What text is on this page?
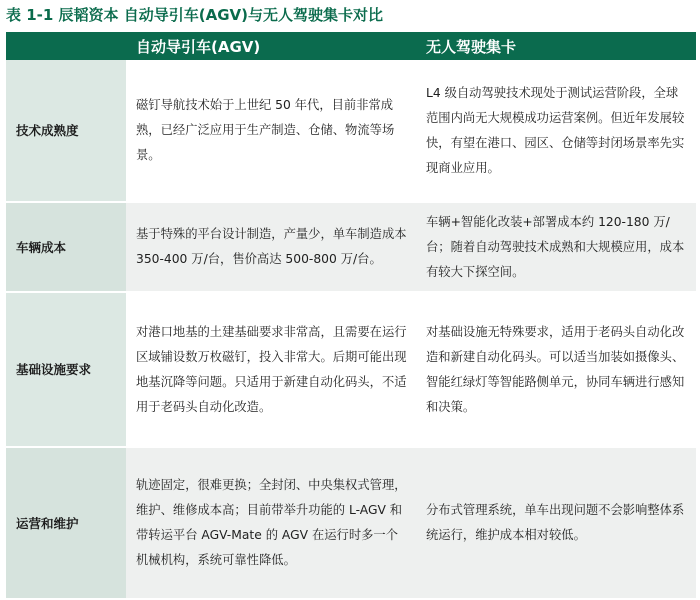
表 1-1 辰韬资本 自动导引车(AGV)与无人驾驶集卡对比
	自动导引车(AGV)	无人驾驶集卡
技术成熟度	磁钉导航技术始于上世纪 50 年代，目前非常成熟，已经广泛应用于生产制造、仓储、物流等场景。	L4 级自动驾驶技术现处于测试运营阶段，全球范围内尚无大规模成功运营案例。但近年发展较快，有望在港口、园区、仓储等封闭场景率先实现商业应用。
车辆成本	基于特殊的平台设计制造，产量少，单车制造成本 350-400 万/台，售价高达 500-800 万/台。	车辆+智能化改装+部署成本约 120-180 万/台；随着自动驾驶技术成熟和大规模应用，成本有较大下探空间。
基础设施要求	对港口地基的土建基础要求非常高，且需要在运行区域铺设数万枚磁钉，投入非常大。后期可能出现地基沉降等问题。只适用于新建自动化码头，不适用于老码头自动化改造。	对基础设施无特殊要求，适用于老码头自动化改造和新建自动化码头。可以适当加装如摄像头、智能红绿灯等智能路侧单元，协同车辆进行感知和决策。
运营和维护	轨迹固定，很难更换；全封闭、中央集权式管理，维护、维修成本高；目前带举升功能的 L-AGV 和带转运平台 AGV-Mate 的 AGV 在运行时多一个机械机构，系统可靠性降低。	分布式管理系统，单车出现问题不会影响整体系统运行，维护成本相对较低。
